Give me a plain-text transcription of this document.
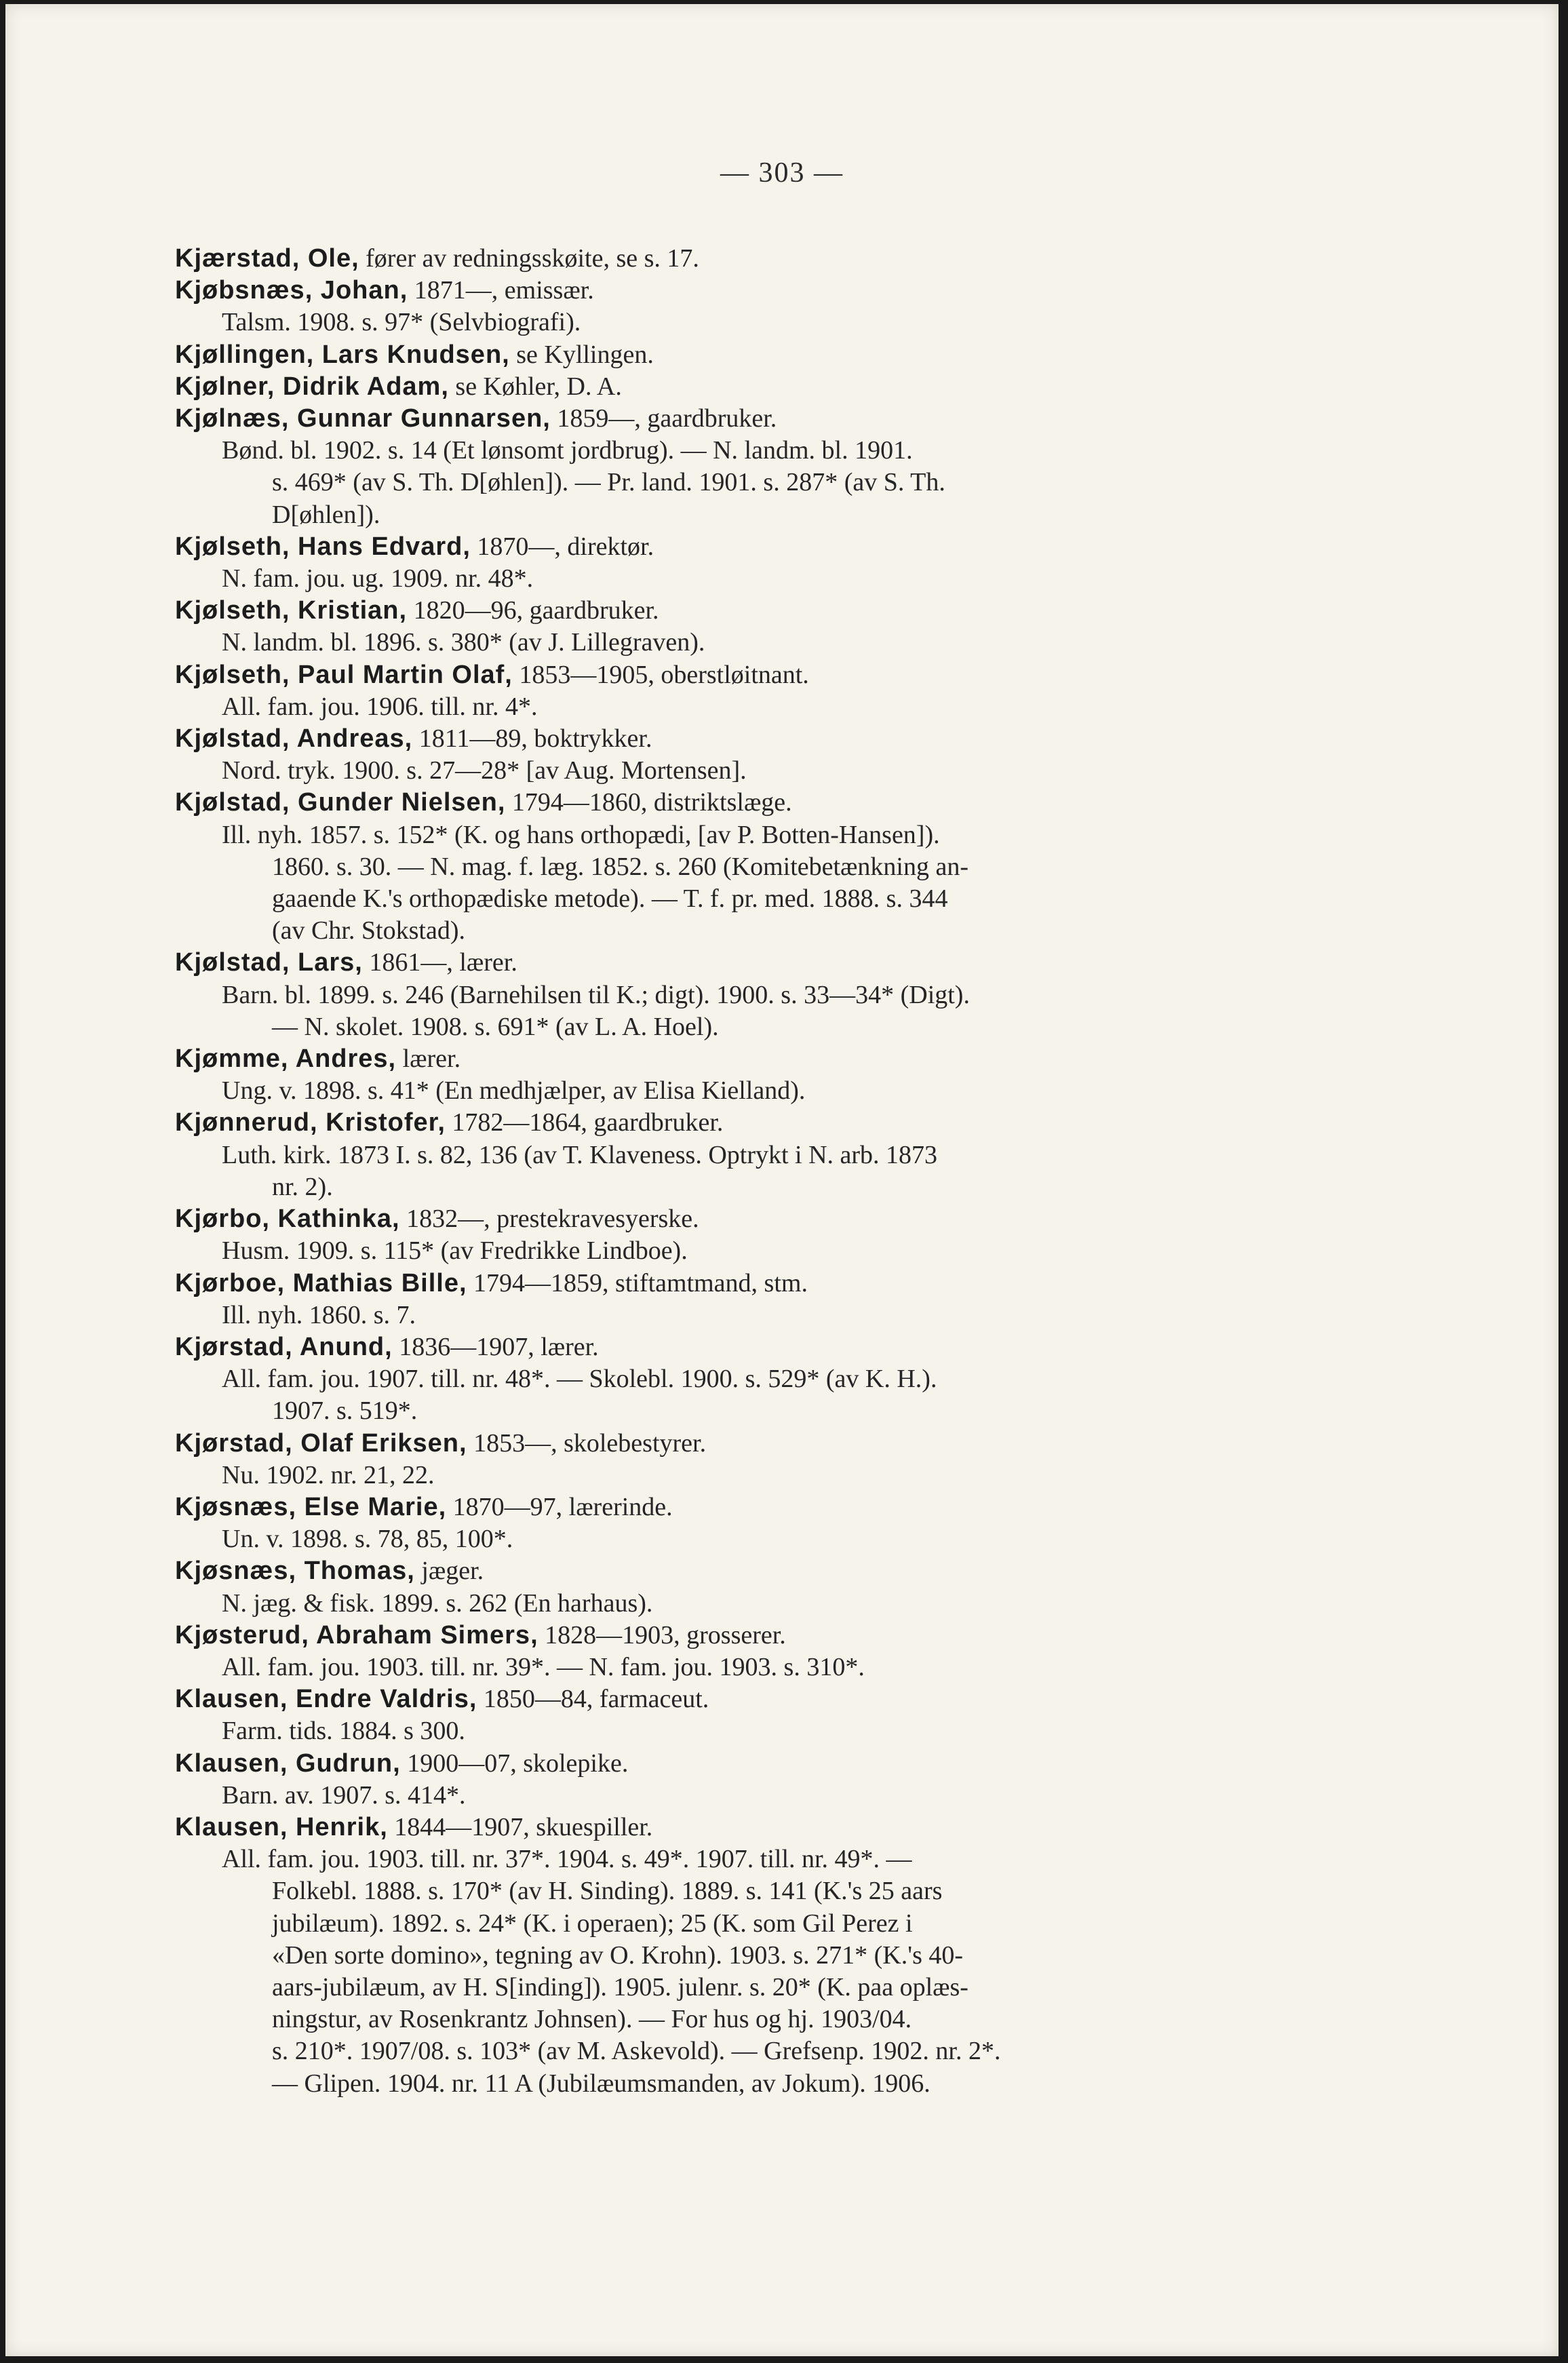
— 303 —
Kjærstad, Ole, fører av redningsskøite, se s. 17.
Kjøbsnæs, Johan, 1871—, emissær.
Talsm. 1908. s. 97* (Selvbiografi).
Kjøllingen, Lars Knudsen, se Kyllingen.
Kjølner, Didrik Adam, se Køhler, D. A.
Kjølnæs, Gunnar Gunnarsen, 1859—, gaardbruker.
Bønd. bl. 1902. s. 14 (Et lønsomt jordbrug). — N. landm. bl. 1901.
s. 469* (av S. Th. D[øhlen]). — Pr. land. 1901. s. 287* (av S. Th.
D[øhlen]).
Kjølseth, Hans Edvard, 1870—, direktør.
N. fam. jou. ug. 1909. nr. 48*.
Kjølseth, Kristian, 1820—96, gaardbruker.
N. landm. bl. 1896. s. 380* (av J. Lillegraven).
Kjølseth, Paul Martin Olaf, 1853—1905, oberstløitnant.
All. fam. jou. 1906. till. nr. 4*.
Kjølstad, Andreas, 1811—89, boktrykker.
Nord. tryk. 1900. s. 27—28* [av Aug. Mortensen].
Kjølstad, Gunder Nielsen, 1794—1860, distriktslæge.
Ill. nyh. 1857. s. 152* (K. og hans orthopædi, [av P. Botten-Hansen]).
1860. s. 30. — N. mag. f. læg. 1852. s. 260 (Komitebetænkning an-
gaaende K.'s orthopædiske metode). — T. f. pr. med. 1888. s. 344
(av Chr. Stokstad).
Kjølstad, Lars, 1861—, lærer.
Barn. bl. 1899. s. 246 (Barnehilsen til K.; digt). 1900. s. 33—34* (Digt).
— N. skolet. 1908. s. 691* (av L. A. Hoel).
Kjømme, Andres, lærer.
Ung. v. 1898. s. 41* (En medhjælper, av Elisa Kielland).
Kjønnerud, Kristofer, 1782—1864, gaardbruker.
Luth. kirk. 1873 I. s. 82, 136 (av T. Klaveness. Optrykt i N. arb. 1873
nr. 2).
Kjørbo, Kathinka, 1832—, prestekravesyerske.
Husm. 1909. s. 115* (av Fredrikke Lindboe).
Kjørboe, Mathias Bille, 1794—1859, stiftamtmand, stm.
Ill. nyh. 1860. s. 7.
Kjørstad, Anund, 1836—1907, lærer.
All. fam. jou. 1907. till. nr. 48*. — Skolebl. 1900. s. 529* (av K. H.).
1907. s. 519*.
Kjørstad, Olaf Eriksen, 1853—, skolebestyrer.
Nu. 1902. nr. 21, 22.
Kjøsnæs, Else Marie, 1870—97, lærerinde.
Un. v. 1898. s. 78, 85, 100*.
Kjøsnæs, Thomas, jæger.
N. jæg. & fisk. 1899. s. 262 (En harhaus).
Kjøsterud, Abraham Simers, 1828—1903, grosserer.
All. fam. jou. 1903. till. nr. 39*. — N. fam. jou. 1903. s. 310*.
Klausen, Endre Valdris, 1850—84, farmaceut.
Farm. tids. 1884. s 300.
Klausen, Gudrun, 1900—07, skolepike.
Barn. av. 1907. s. 414*.
Klausen, Henrik, 1844—1907, skuespiller.
All. fam. jou. 1903. till. nr. 37*. 1904. s. 49*. 1907. till. nr. 49*. —
Folkebl. 1888. s. 170* (av H. Sinding). 1889. s. 141 (K.'s 25 aars
jubilæum). 1892. s. 24* (K. i operaen); 25 (K. som Gil Perez i
«Den sorte domino», tegning av O. Krohn). 1903. s. 271* (K.'s 40-
aars-jubilæum, av H. S[inding]). 1905. julenr. s. 20* (K. paa oplæs-
ningstur, av Rosenkrantz Johnsen). — For hus og hj. 1903/04.
s. 210*. 1907/08. s. 103* (av M. Askevold). — Grefsenp. 1902. nr. 2*.
— Glipen. 1904. nr. 11 A (Jubilæumsmanden, av Jokum). 1906.
